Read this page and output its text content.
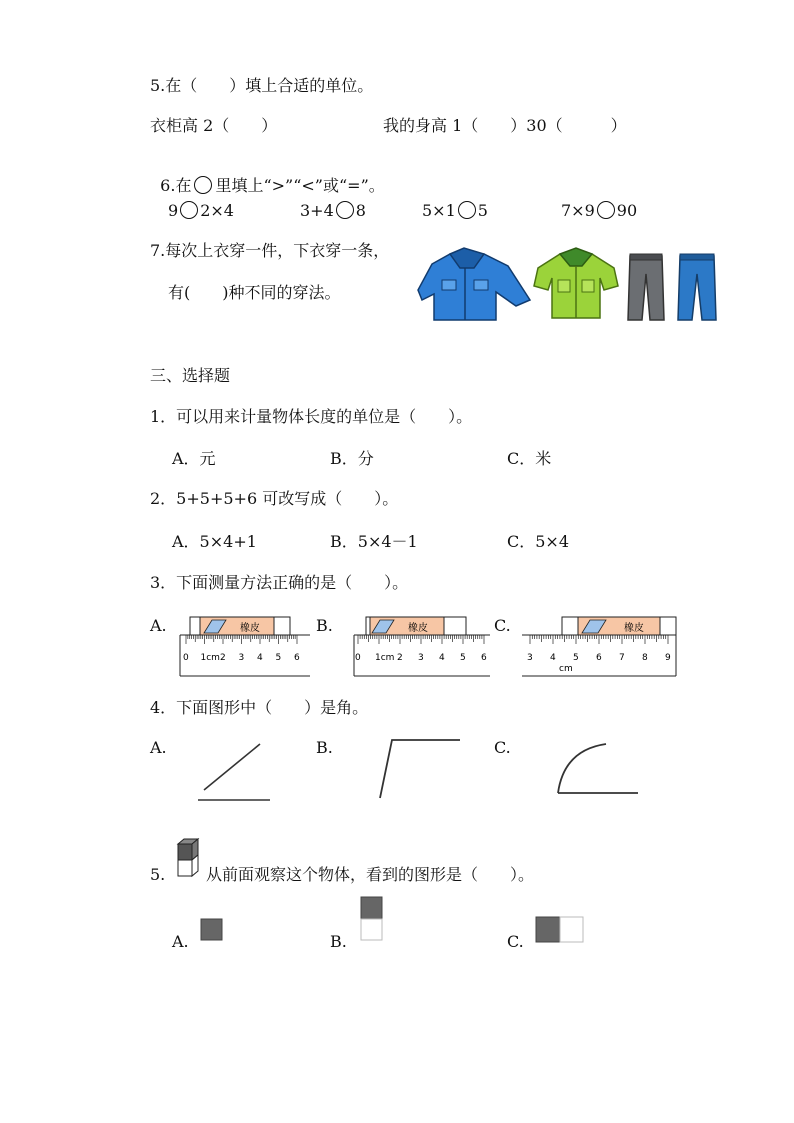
5.在（　　）填上合适的单位。
衣柜高 2（　　）	我的身高 1（　　）30（　　　）

6.在 里填上“>”“<”或“=”。

9 2×4	3+4 8	5×1 5	7×9 90
7.每次上衣穿一件，下衣穿一条，
有(　　)种不同的穿法。
三、选择题
1．可以用来计量物体长度的单位是（　　）。
A．元	B．分	C．米
2．5+5+5+6 可改写成（　　）。
A．5×4+1	B．5×4－1	C．5×4
3．下面测量方法正确的是（　　）。
A.	B.	C.
橡皮
0 1cm 2 3 4 5 6
橡皮
0 1cm 2 3 4 5 6
橡皮
3 4 5 6 7 8 9
cm
4．下面图形中（　　）是角。
A.	B.	C.
5.	从前面观察这个物体，看到的图形是（　　）。
A.	B.	C.
